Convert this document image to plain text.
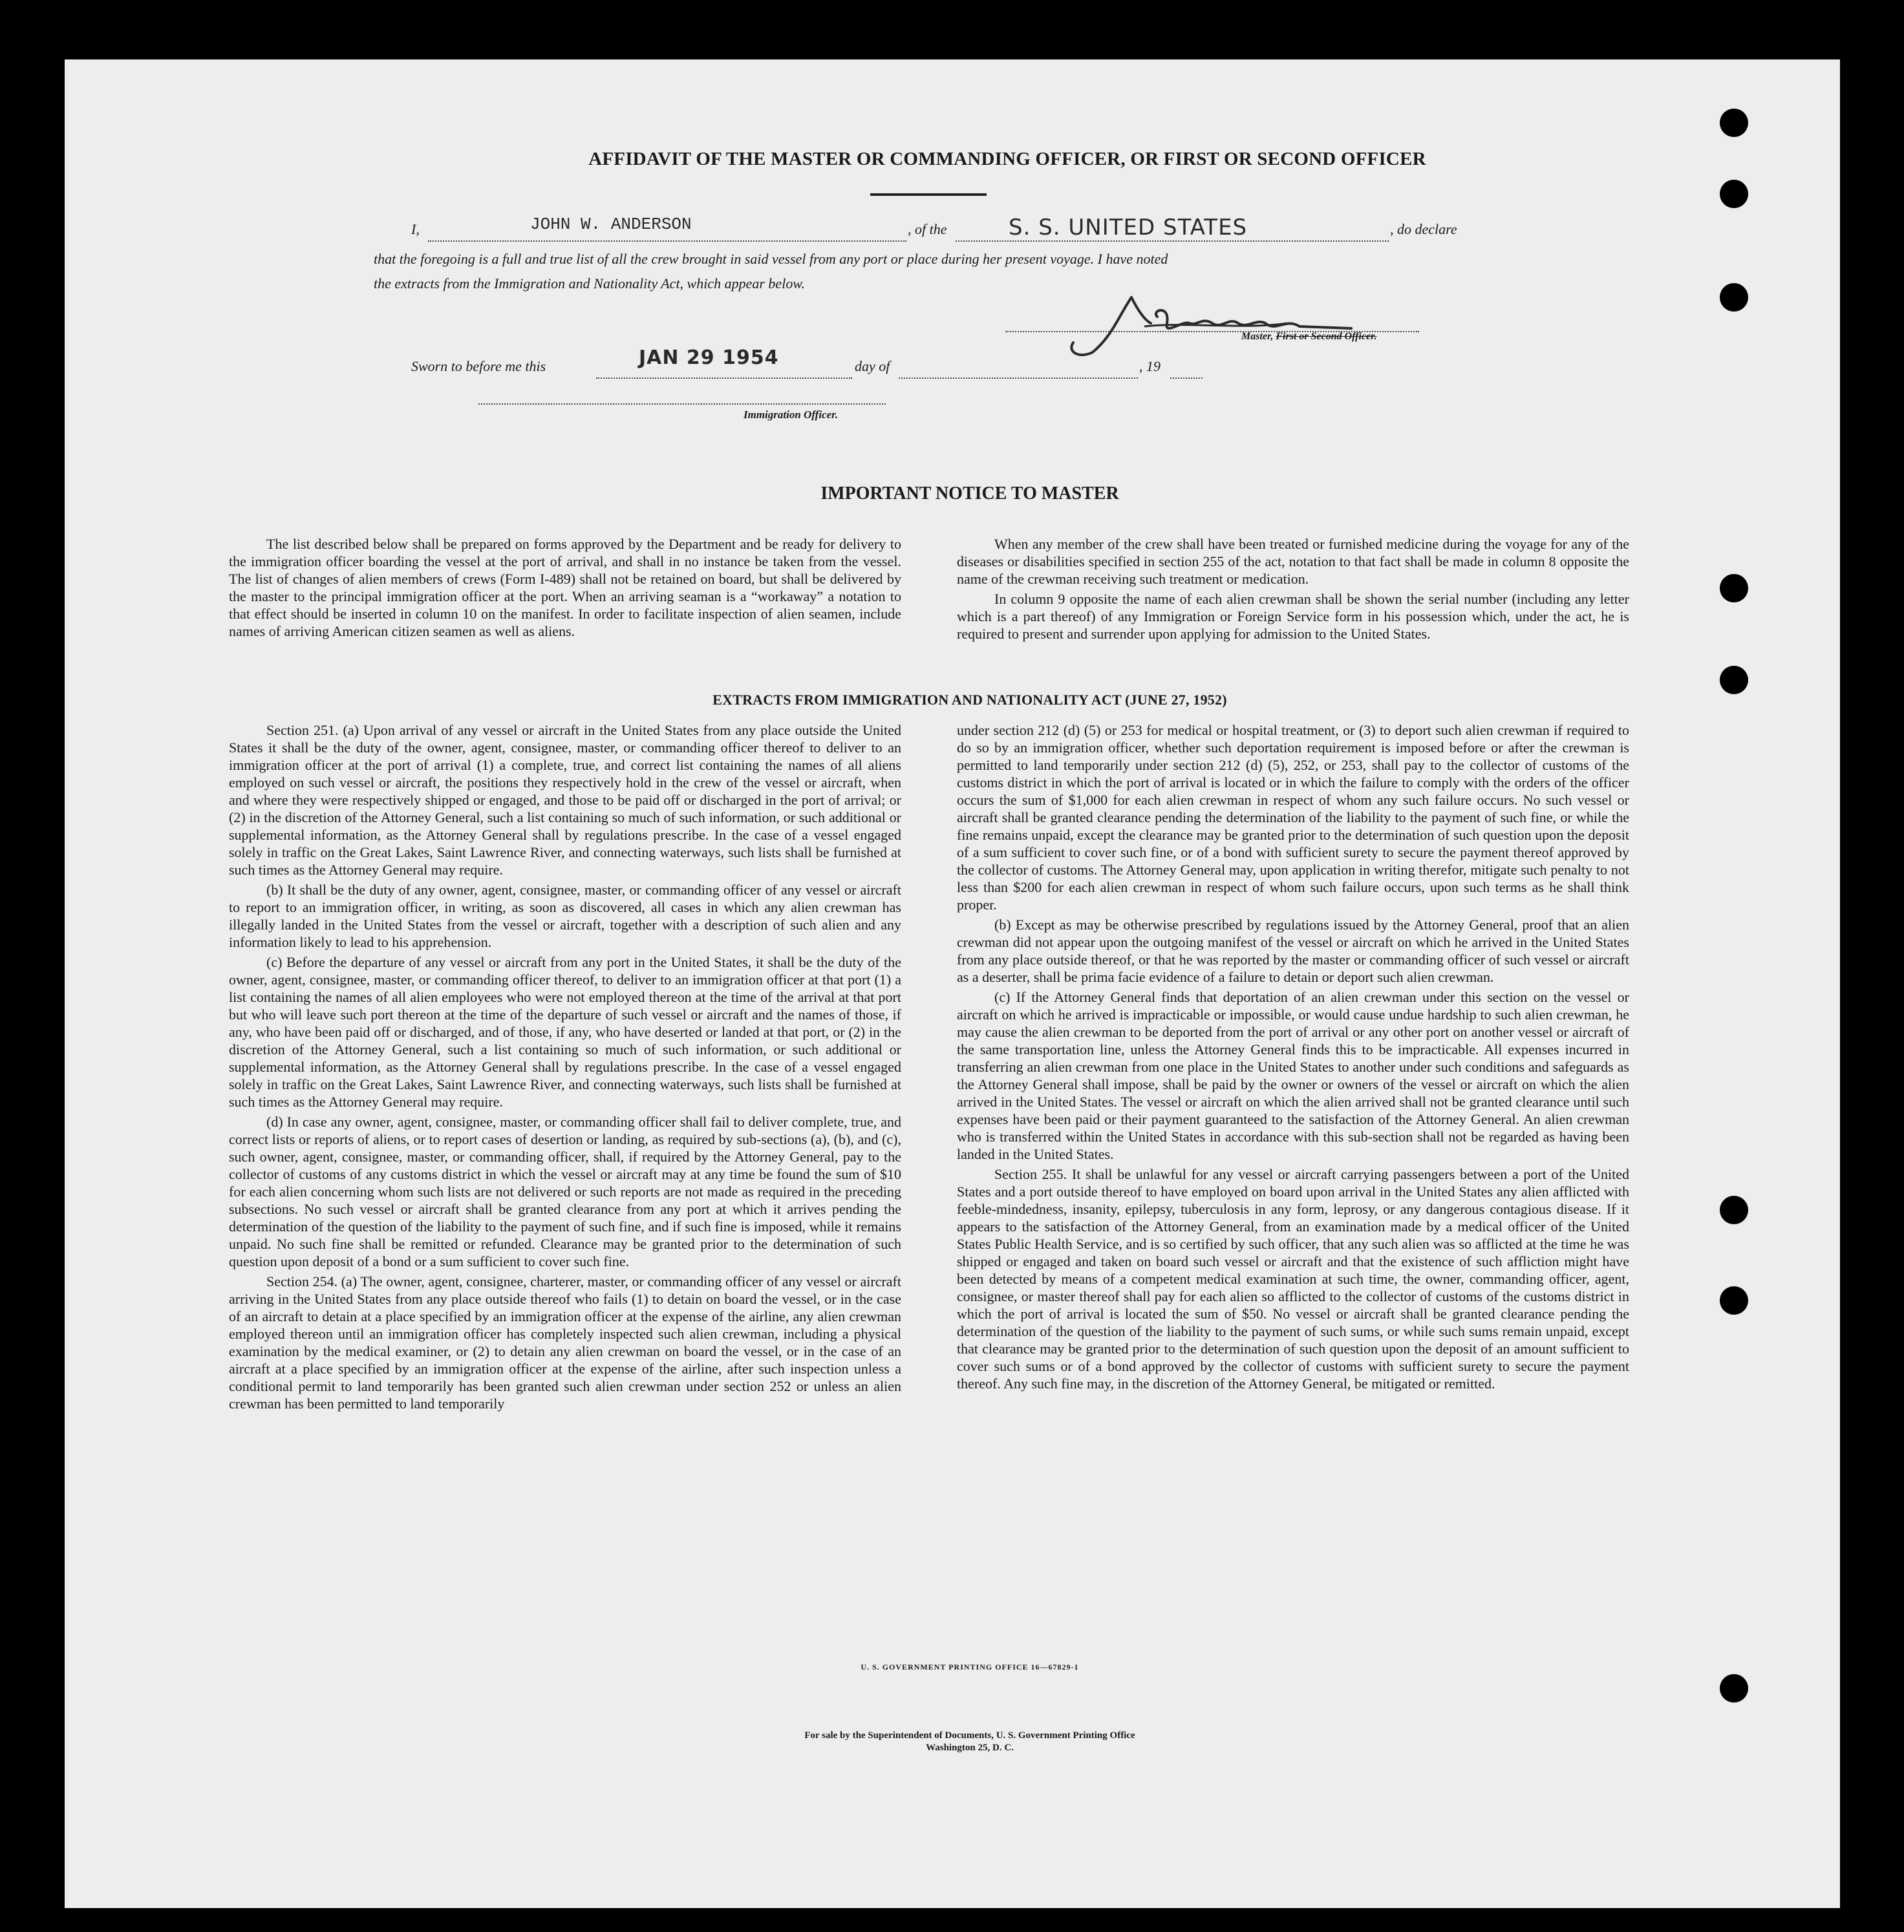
AFFIDAVIT OF THE MASTER OR COMMANDING OFFICER, OR FIRST OR SECOND OFFICER
I,	JOHN W. ANDERSON	, of the	S. S. UNITED STATES	, do declare
that the foregoing is a full and true list of all the crew brought in said vessel from any port or place during her present voyage. I have noted
the extracts from the Immigration and Nationality Act, which appear below.
Master, First or Second Officer.
Sworn to before me this	JAN 29 1954	day of	, 19
Immigration Officer.
IMPORTANT NOTICE TO MASTER

The list described below shall be prepared on forms approved by the Department and be ready for delivery to the immigration officer boarding the vessel at the port of arrival, and shall in no instance be taken from the vessel. The list of changes of alien members of crews (Form I-489) shall not be retained on board, but shall be delivered by the master to the principal immigration officer at the port. When an arriving seaman is a “workaway” a notation to that effect should be inserted in column 10 on the manifest. In order to facilitate inspection of alien seamen, include names of arriving American citizen seamen as well as aliens.

When any member of the crew shall have been treated or furnished medicine during the voyage for any of the diseases or disabilities specified in section 255 of the act, notation to that fact shall be made in column 8 opposite the name of the crewman receiving such treatment or medication.

In column 9 opposite the name of each alien crewman shall be shown the serial number (including any letter which is a part thereof) of any Immigration or Foreign Service form in his possession which, under the act, he is required to present and surrender upon applying for admission to the United States.

EXTRACTS FROM IMMIGRATION AND NATIONALITY ACT (JUNE 27, 1952)

Section 251. (a) Upon arrival of any vessel or aircraft in the United States from any place outside the United States it shall be the duty of the owner, agent, consignee, master, or commanding officer thereof to deliver to an immigration officer at the port of arrival (1) a complete, true, and correct list containing the names of all aliens employed on such vessel or aircraft, the positions they respectively hold in the crew of the vessel or aircraft, when and where they were respectively shipped or engaged, and those to be paid off or discharged in the port of arrival; or (2) in the discretion of the Attorney General, such a list containing so much of such information, or such additional or supplemental information, as the Attorney General shall by regulations prescribe. In the case of a vessel engaged solely in traffic on the Great Lakes, Saint Lawrence River, and connecting waterways, such lists shall be furnished at such times as the Attorney General may require.

(b) It shall be the duty of any owner, agent, consignee, master, or commanding officer of any vessel or aircraft to report to an immigration officer, in writing, as soon as discovered, all cases in which any alien crewman has illegally landed in the United States from the vessel or aircraft, together with a description of such alien and any information likely to lead to his apprehension.

(c) Before the departure of any vessel or aircraft from any port in the United States, it shall be the duty of the owner, agent, consignee, master, or commanding officer thereof, to deliver to an immigration officer at that port (1) a list containing the names of all alien employees who were not employed thereon at the time of the arrival at that port but who will leave such port thereon at the time of the departure of such vessel or aircraft and the names of those, if any, who have been paid off or discharged, and of those, if any, who have deserted or landed at that port, or (2) in the discretion of the Attorney General, such a list containing so much of such information, or such additional or supplemental information, as the Attorney General shall by regulations prescribe. In the case of a vessel engaged solely in traffic on the Great Lakes, Saint Lawrence River, and connecting waterways, such lists shall be furnished at such times as the Attorney General may require.

(d) In case any owner, agent, consignee, master, or commanding officer shall fail to deliver complete, true, and correct lists or reports of aliens, or to report cases of desertion or landing, as required by sub-sections (a), (b), and (c), such owner, agent, consignee, master, or commanding officer, shall, if required by the Attorney General, pay to the collector of customs of any customs district in which the vessel or aircraft may at any time be found the sum of $10 for each alien concerning whom such lists are not delivered or such reports are not made as required in the preceding subsections. No such vessel or aircraft shall be granted clearance from any port at which it arrives pending the determination of the question of the liability to the payment of such fine, and if such fine is imposed, while it remains unpaid. No such fine shall be remitted or refunded. Clearance may be granted prior to the determination of such question upon deposit of a bond or a sum sufficient to cover such fine.

Section 254. (a) The owner, agent, consignee, charterer, master, or commanding officer of any vessel or aircraft arriving in the United States from any place outside thereof who fails (1) to detain on board the vessel, or in the case of an aircraft to detain at a place specified by an immigration officer at the expense of the airline, any alien crewman employed thereon until an immigration officer has completely inspected such alien crewman, including a physical examination by the medical examiner, or (2) to detain any alien crewman on board the vessel, or in the case of an aircraft at a place specified by an immigration officer at the expense of the airline, after such inspection unless a conditional permit to land temporarily has been granted such alien crewman under section 252 or unless an alien crewman has been permitted to land temporarily

under section 212 (d) (5) or 253 for medical or hospital treatment, or (3) to deport such alien crewman if required to do so by an immigration officer, whether such deportation requirement is imposed before or after the crewman is permitted to land temporarily under section 212 (d) (5), 252, or 253, shall pay to the collector of customs of the customs district in which the port of arrival is located or in which the failure to comply with the orders of the officer occurs the sum of $1,000 for each alien crewman in respect of whom any such failure occurs. No such vessel or aircraft shall be granted clearance pending the determination of the liability to the payment of such fine, or while the fine remains unpaid, except the clearance may be granted prior to the determination of such question upon the deposit of a sum sufficient to cover such fine, or of a bond with sufficient surety to secure the payment thereof approved by the collector of customs. The Attorney General may, upon application in writing therefor, mitigate such penalty to not less than $200 for each alien crewman in respect of whom such failure occurs, upon such terms as he shall think proper.

(b) Except as may be otherwise prescribed by regulations issued by the Attorney General, proof that an alien crewman did not appear upon the outgoing manifest of the vessel or aircraft on which he arrived in the United States from any place outside thereof, or that he was reported by the master or commanding officer of such vessel or aircraft as a deserter, shall be prima facie evidence of a failure to detain or deport such alien crewman.

(c) If the Attorney General finds that deportation of an alien crewman under this section on the vessel or aircraft on which he arrived is impracticable or impossible, or would cause undue hardship to such alien crewman, he may cause the alien crewman to be deported from the port of arrival or any other port on another vessel or aircraft of the same transportation line, unless the Attorney General finds this to be impracticable. All expenses incurred in transferring an alien crewman from one place in the United States to another under such conditions and safeguards as the Attorney General shall impose, shall be paid by the owner or owners of the vessel or aircraft on which the alien arrived in the United States. The vessel or aircraft on which the alien arrived shall not be granted clearance until such expenses have been paid or their payment guaranteed to the satisfaction of the Attorney General. An alien crewman who is transferred within the United States in accordance with this sub-section shall not be regarded as having been landed in the United States.

Section 255. It shall be unlawful for any vessel or aircraft carrying passengers between a port of the United States and a port outside thereof to have employed on board upon arrival in the United States any alien afflicted with feeble-mindedness, insanity, epilepsy, tuberculosis in any form, leprosy, or any dangerous contagious disease. If it appears to the satisfaction of the Attorney General, from an examination made by a medical officer of the United States Public Health Service, and is so certified by such officer, that any such alien was so afflicted at the time he was shipped or engaged and taken on board such vessel or aircraft and that the existence of such affliction might have been detected by means of a competent medical examination at such time, the owner, commanding officer, agent, consignee, or master thereof shall pay for each alien so afflicted to the collector of customs of the customs district in which the port of arrival is located the sum of $50. No vessel or aircraft shall be granted clearance pending the determination of the question of the liability to the payment of such sums, or while such sums remain unpaid, except that clearance may be granted prior to the determination of such question upon the deposit of an amount sufficient to cover such sums or of a bond approved by the collector of customs with sufficient surety to secure the payment thereof. Any such fine may, in the discretion of the Attorney General, be mitigated or remitted.

U. S. GOVERNMENT PRINTING OFFICE 16—67829-1
For sale by the Superintendent of Documents, U. S. Government Printing Office
Washington 25, D. C.
